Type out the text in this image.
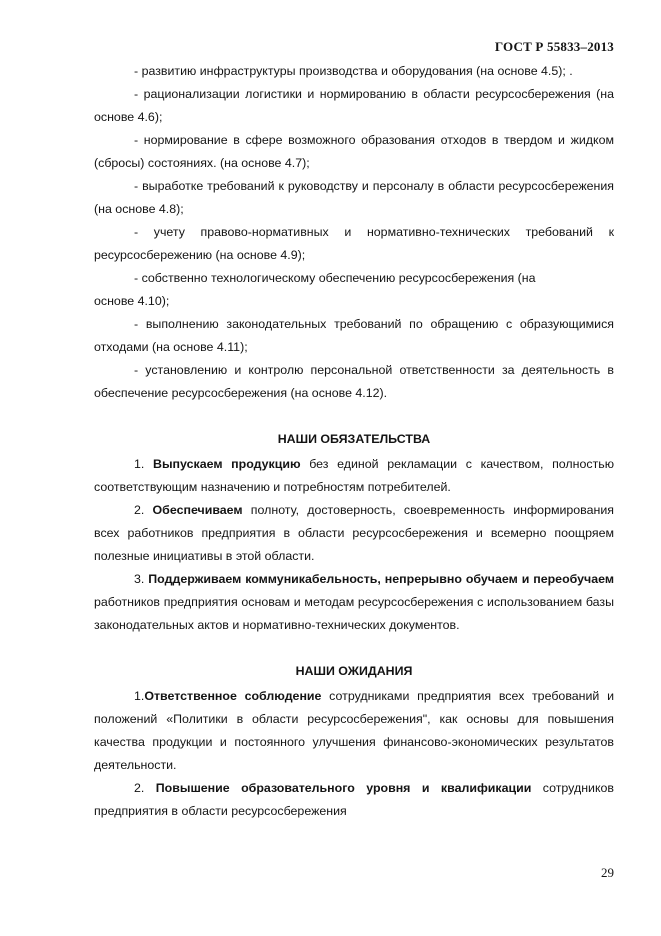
ГОСТ Р 55833–2013

- развитию инфраструктуры производства и оборудования (на основе 4.5); .

- рационализации логистики и нормированию в области ресурсосбережения (на основе 4.6);

- нормирование в сфере возможного образования отходов в твердом и жидком (сбросы) состояниях. (на основе 4.7);

- выработке требований к руководству и персоналу в области ресурсосбережения (на основе 4.8);

- учету правово-нормативных и нормативно-технических требований к ресурсосбережению (на основе 4.9);

- собственно технологическому обеспечению ресурсосбережения (на

основе 4.10);

- выполнению законодательных требований по обращению с образующимися отходами (на основе 4.11);

- установлению и контролю персональной ответственности за деятельность в обеспечение ресурсосбережения (на основе 4.12).

НАШИ ОБЯЗАТЕЛЬСТВА

1. Выпускаем продукцию без единой рекламации с качеством, полностью соответствующим назначению и потребностям потребителей.

2. Обеспечиваем полноту, достоверность, своевременность информирования всех работников предприятия в области ресурсосбережения и всемерно поощряем полезные инициативы в этой области.

3. Поддерживаем коммуникабельность, непрерывно обучаем и переобучаем работников предприятия основам и методам ресурсосбережения с использованием базы законодательных актов и нормативно-технических документов.

НАШИ ОЖИДАНИЯ

1.Ответственное соблюдение сотрудниками предприятия всех требований и положений «Политики в области ресурсосбережения", как основы для повышения качества продукции и постоянного улучшения финансово-экономических результатов деятельности.

2. Повышение образовательного уровня и квалификации сотрудников предприятия в области ресурсосбережения

29
